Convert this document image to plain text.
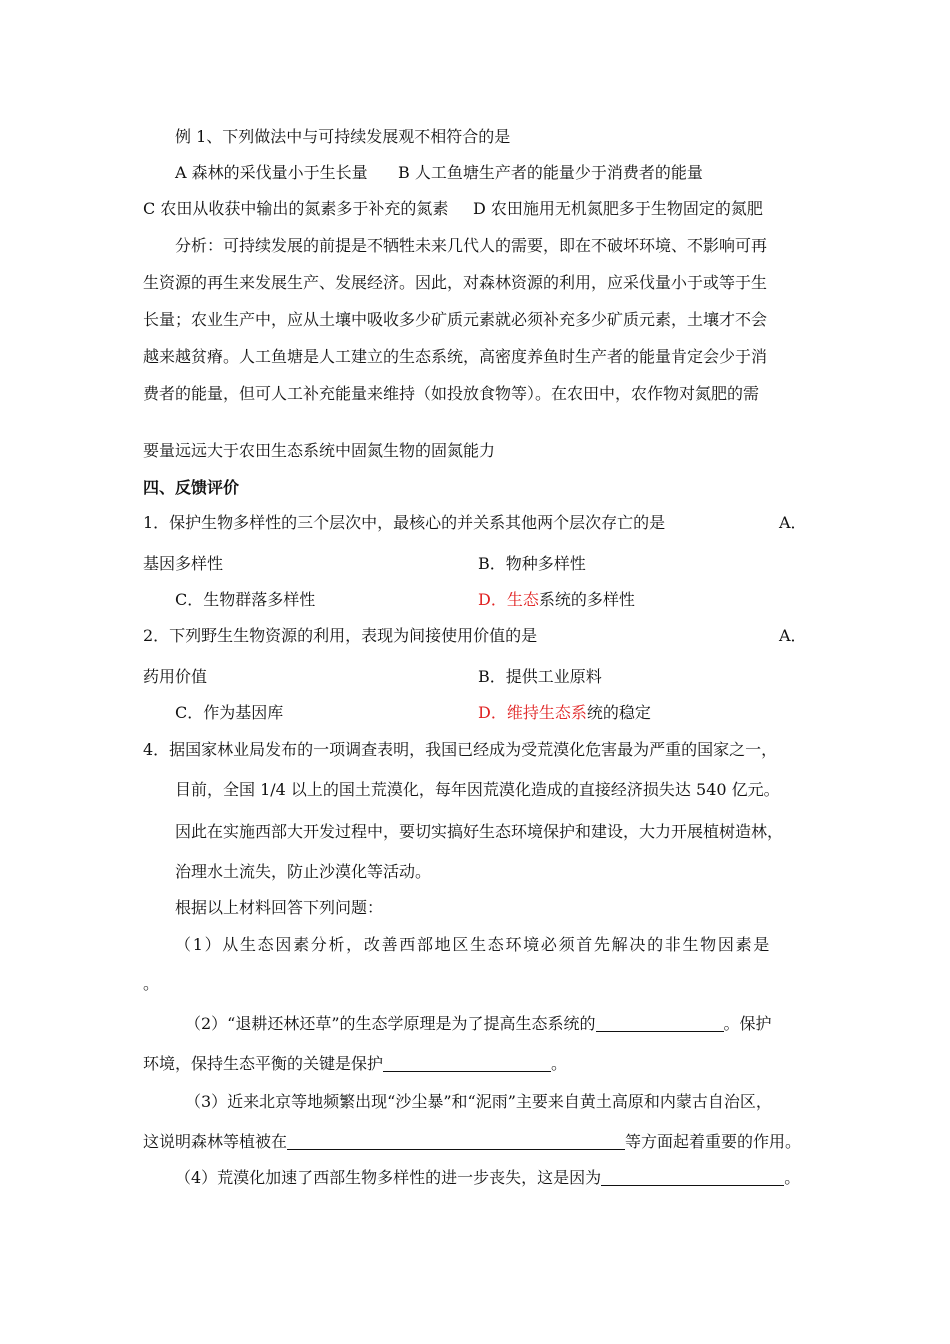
例 1、下列做法中与可持续发展观不相符合的是
A 森林的采伐量小于生长量 B 人工鱼塘生产者的能量少于消费者的能量
C 农田从收获中输出的氮素多于补充的氮素 D 农田施用无机氮肥多于生物固定的氮肥
分析：可持续发展的前提是不牺牲未来几代人的需要，即在不破坏环境、不影响可再
生资源的再生来发展生产、发展经济。因此，对森林资源的利用，应采伐量小于或等于生
长量；农业生产中，应从土壤中吸收多少矿质元素就必须补充多少矿质元素，土壤才不会
越来越贫瘠。人工鱼塘是人工建立的生态系统，高密度养鱼时生产者的能量肯定会少于消
费者的能量，但可人工补充能量来维持（如投放食物等）。在农田中，农作物对氮肥的需
要量远远大于农田生态系统中固氮生物的固氮能力
四、反馈评价
1．保护生物多样性的三个层次中，最核心的并关系其他两个层次存亡的是	A．
基因多样性	B．物种多样性
C．生物群落多样性	D．生态系统的多样性
2．下列野生生物资源的利用，表现为间接使用价值的是	A．
药用价值	B．提供工业原料
C．作为基因库	D．维持生态系统的稳定
4．据国家林业局发布的一项调查表明，我国已经成为受荒漠化危害最为严重的国家之一，
目前，全国 1/4 以上的国土荒漠化，每年因荒漠化造成的直接经济损失达 540 亿元。
因此在实施西部大开发过程中，要切实搞好生态环境保护和建设，大力开展植树造林，
治理水土流失，防止沙漠化等活动。
根据以上材料回答下列问题：
（1）从生态因素分析，改善西部地区生态环境必须首先解决的非生物因素是
。
（2）“退耕还林还草”的生态学原理是为了提高生态系统的	。保护
环境，保持生态平衡的关键是保护	。
（3）近来北京等地频繁出现“沙尘暴”和“泥雨”主要来自黄土高原和内蒙古自治区，
这说明森林等植被在	等方面起着重要的作用。
（4）荒漠化加速了西部生物多样性的进一步丧失，这是因为	。
